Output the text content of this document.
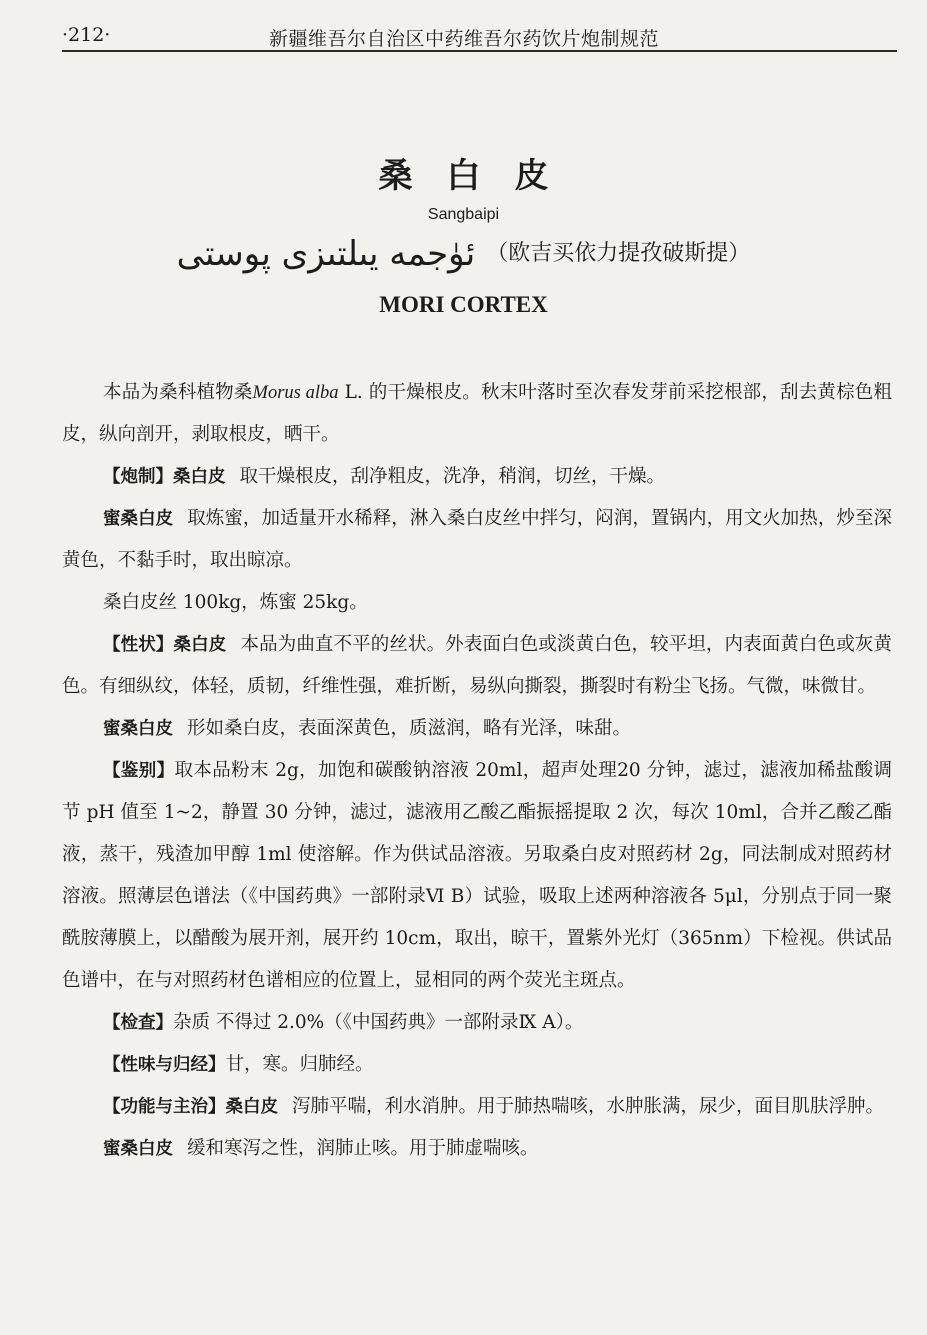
·212·	新疆维吾尔自治区中药维吾尔药饮片炮制规范
桑白皮
Sangbaipi
ئۈجمە يىلتىزى پوستى （欧吉买依力提孜破斯提）
MORI CORTEX

本品为桑科植物桑Morus alba L. 的干燥根皮。秋末叶落时至次春发芽前采挖根部，刮去黄棕色粗皮，纵向剖开，剥取根皮，晒干。

【炮制】桑白皮 取干燥根皮，刮净粗皮，洗净，稍润，切丝，干燥。

蜜桑白皮 取炼蜜，加适量开水稀释，淋入桑白皮丝中拌匀，闷润，置锅内，用文火加热，炒至深黄色，不黏手时，取出晾凉。

桑白皮丝 100kg，炼蜜 25kg。

【性状】桑白皮 本品为曲直不平的丝状。外表面白色或淡黄白色，较平坦，内表面黄白色或灰黄色。有细纵纹，体轻，质韧，纤维性强，难折断，易纵向撕裂，撕裂时有粉尘飞扬。气微，味微甘。

蜜桑白皮 形如桑白皮，表面深黄色，质滋润，略有光泽，味甜。

【鉴别】取本品粉末 2g，加饱和碳酸钠溶液 20ml，超声处理20 分钟，滤过，滤液加稀盐酸调节 pH 值至 1~2，静置 30 分钟，滤过，滤液用乙酸乙酯振摇提取 2 次，每次 10ml，合并乙酸乙酯液，蒸干，残渣加甲醇 1ml 使溶解。作为供试品溶液。另取桑白皮对照药材 2g，同法制成对照药材溶液。照薄层色谱法（《中国药典》一部附录Ⅵ B）试验，吸取上述两种溶液各 5μl，分别点于同一聚酰胺薄膜上，以醋酸为展开剂，展开约 10cm，取出，晾干，置紫外光灯（365nm）下检视。供试品色谱中，在与对照药材色谱相应的位置上，显相同的两个荧光主斑点。

【检查】杂质 不得过 2.0%（《中国药典》一部附录Ⅸ A）。

【性味与归经】甘，寒。归肺经。

【功能与主治】桑白皮 泻肺平喘，利水消肿。用于肺热喘咳，水肿胀满，尿少，面目肌肤浮肿。

蜜桑白皮 缓和寒泻之性，润肺止咳。用于肺虚喘咳。
